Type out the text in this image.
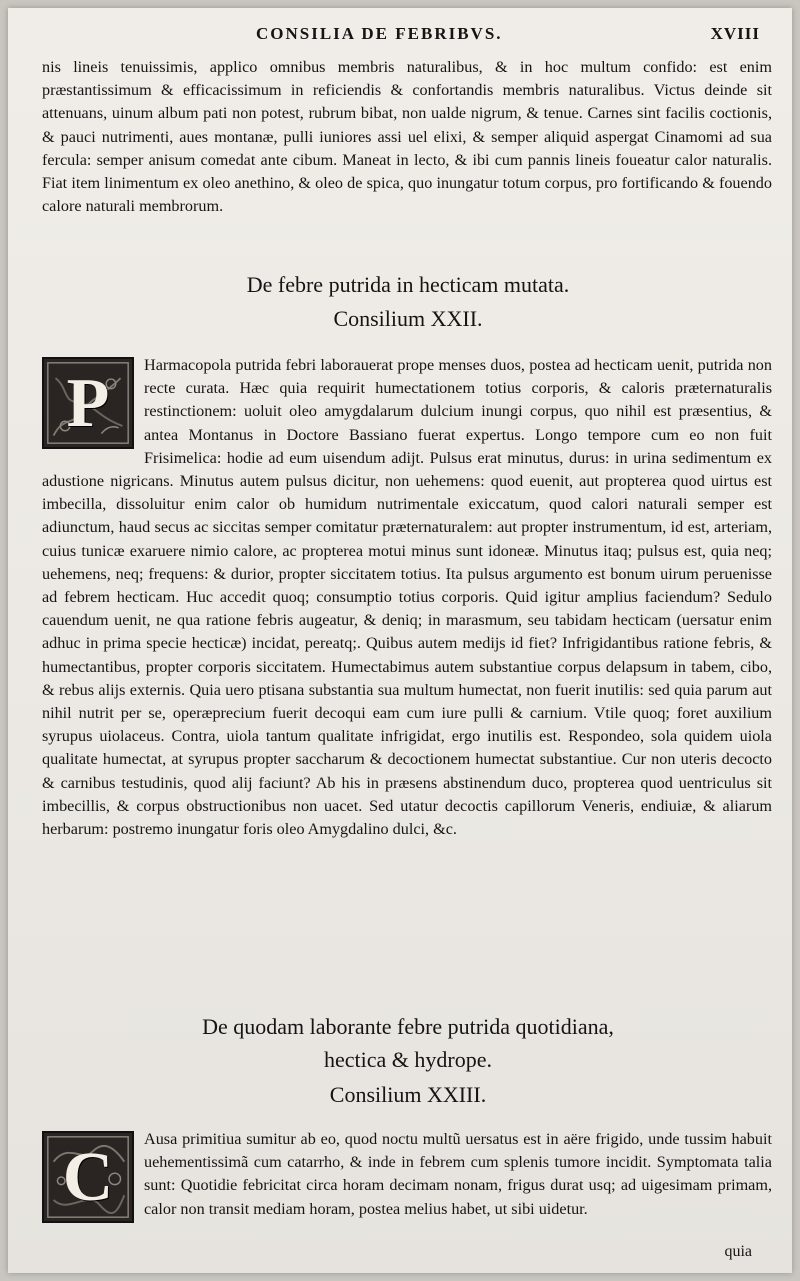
CONSILIA DE FEBRIBVS.	XVIII
nis lineis tenuissimis, applico omnibus membris naturalibus, & in hoc multum confido: est enim præstantissimum & efficacissimum in reficiendis & confortandis membris naturalibus. Victus deinde sit attenuans, uinum album pati non potest, rubrum bibat, non ualde nigrum, & tenue. Carnes sint facilis coctionis, & pauci nutrimenti, aues montanæ, pulli iuniores assi uel elixi, & semper aliquid aspergat Cinamomi ad sua fercula: semper anisum comedat ante cibum. Maneat in lecto, & ibi cum pannis lineis foueatur calor naturalis. Fiat item linimentum ex oleo anethino, & oleo de spica, quo inungatur totum corpus, pro fortificando & fouendo calore naturali membrorum.
De febre putrida in hecticam mutata.
Consilium XXII.
P	Harmacopola putrida febri laborauerat prope menses duos, postea ad hecticam uenit, putrida non recte curata. Hæc quia requirit humectationem totius corporis, & caloris præternaturalis restinctionem: uoluit oleo amygdalarum dulcium inungi corpus, quo nihil est præsentius, & antea Montanus in Doctore Bassiano fuerat expertus. Longo tempore cum eo non fuit Frisimelica: hodie ad eum uisendum adijt. Pulsus erat minutus, durus: in urina sedimentum ex adustione nigricans. Minutus autem pulsus dicitur, non uehemens: quod euenit, aut propterea quod uirtus est imbecilla, dissoluitur enim calor ob humidum nutrimentale exiccatum, quod calori naturali semper est adiunctum, haud secus ac siccitas semper comitatur præternaturalem: aut propter instrumentum, id est, arteriam, cuius tunicæ exaruere nimio calore, ac propterea motui minus sunt idoneæ. Minutus itaq; pulsus est, quia neq; uehemens, neq; frequens: & durior, propter siccitatem totius. Ita pulsus argumento est bonum uirum peruenisse ad febrem hecticam. Huc accedit quoq; consumptio totius corporis. Quid igitur amplius faciendum? Sedulo cauendum uenit, ne qua ratione febris augeatur, & deniq; in marasmum, seu tabidam hecticam (uersatur enim adhuc in prima specie hecticæ) incidat, pereatq;. Quibus autem medijs id fiet? Infrigidantibus ratione febris, & humectantibus, propter corporis siccitatem. Humectabimus autem substantiue corpus delapsum in tabem, cibo, & rebus alijs externis. Quia uero ptisana substantia sua multum humectat, non fuerit inutilis: sed quia parum aut nihil nutrit per se, operæprecium fuerit decoqui eam cum iure pulli & carnium. Vtile quoq; foret auxilium syrupus uiolaceus. Contra, uiola tantum qualitate infrigidat, ergo inutilis est. Respondeo, sola quidem uiola qualitate humectat, at syrupus propter saccharum & decoctionem humectat substantiue. Cur non uteris decocto & carnibus testudinis, quod alij faciunt? Ab his in præsens abstinendum duco, propterea quod uentriculus sit imbecillis, & corpus obstructionibus non uacet. Sed utatur decoctis capillorum Veneris, endiuiæ, & aliarum herbarum: postremo inungatur foris oleo Amygdalino dulci, &c.
De quodam laborante febre putrida quotidiana,
hectica & hydrope.
Consilium XXIII.
C	Ausa primitiua sumitur ab eo, quod noctu multũ uersatus est in aëre frigido, unde tussim habuit uehementissimã cum catarrho, & inde in febrem cum splenis tumore incidit. Symptomata talia sunt: Quotidie febricitat circa horam decimam nonam, frigus durat usq; ad uigesimam primam, calor non transit mediam horam, postea melius habet, ut sibi uidetur.
quia
